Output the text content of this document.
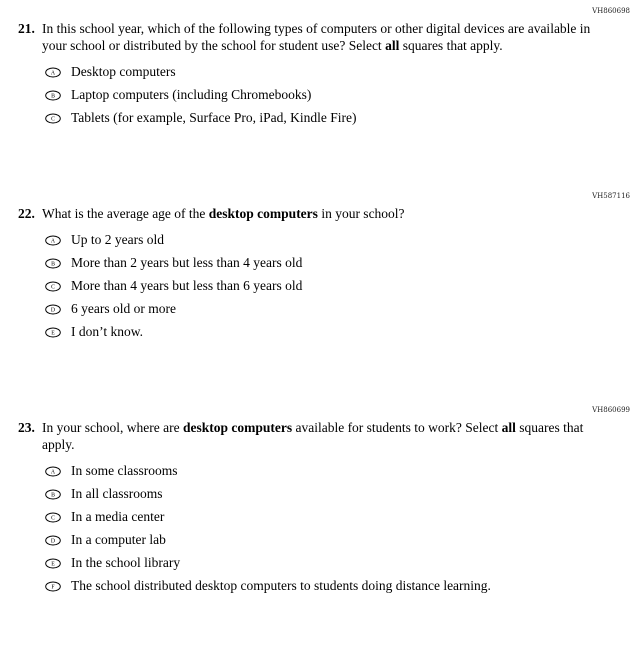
VH860698
21. In this school year, which of the following types of computers or other digital devices are available in your school or distributed by the school for student use? Select all squares that apply.
A Desktop computers
B Laptop computers (including Chromebooks)
C Tablets (for example, Surface Pro, iPad, Kindle Fire)
VH587116
22. What is the average age of the desktop computers in your school?
A Up to 2 years old
B More than 2 years but less than 4 years old
C More than 4 years but less than 6 years old
D 6 years old or more
E I don’t know.
VH860699
23. In your school, where are desktop computers available for students to work? Select all squares that apply.
A In some classrooms
B In all classrooms
C In a media center
D In a computer lab
E In the school library
F The school distributed desktop computers to students doing distance learning.
